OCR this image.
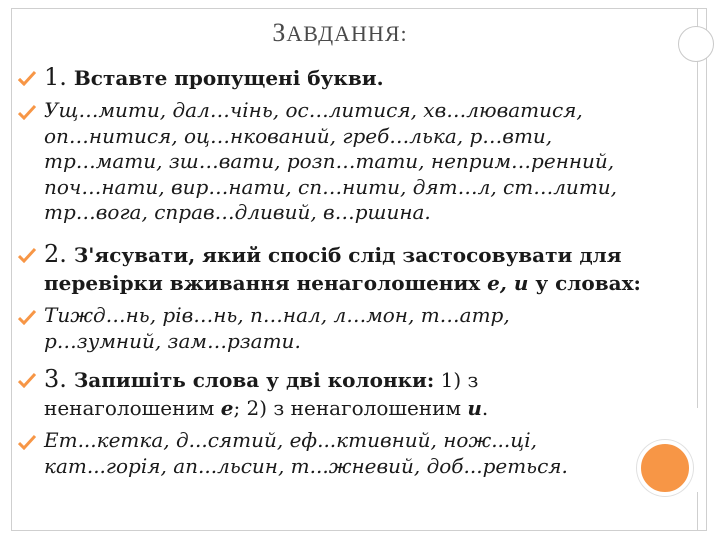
ЗАВДАННЯ:
1. Вставте пропущені букви.
Ущ…мити, дал…чінь, ос…литися, хв…люватися,
оп…нитися, оц…нкований, греб…лька, р…вти,
тр…мати, зш…вати, розп…тати, неприм…ренний,
поч…нати, вир…нати, сп…нити, дят…л, ст…лити,
тр…вога, справ…дливий, в…ршина.
2. З'ясувати, який спосіб слід застосовувати для
перевірки вживання ненаголошених е, и у словах:
Тижд…нь, рів…нь, п…нал, л…мон, т…атр,
р…зумний, зам…рзати.
3. Запишіть слова у дві колонки: 1) з
ненаголошеним е; 2) з ненаголошеним и.
Ет...кетка, д...сятий, еф...ктивний, нож...ці,
кат...горія, ап...льсин, т...жневий, доб...реться.
